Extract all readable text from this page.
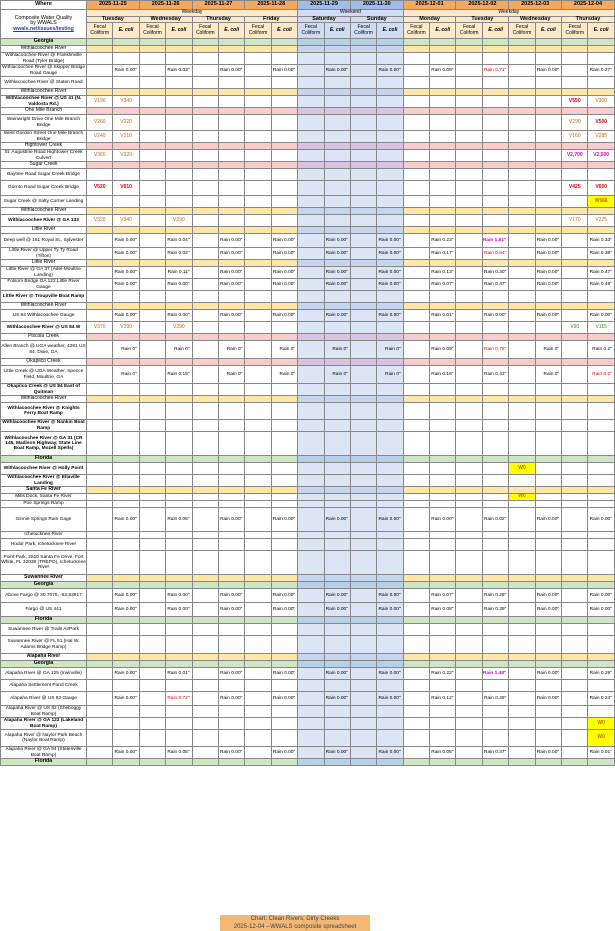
Where	2025-11-25		2025-11-26		2025-11-27		2025-11-28		2025-11-29		2025-11-30		2025-12-01		2025-12-02		2025-12-03		2025-12-04	

Composite Water Quality
by WWALS
wwals.net/issues/testing	Weekday								Weekend				Weekday							
	Tuesday		Wednesday		Thursday		Friday		Saturday		Sunday		Monday		Tuesday		Wednesday		Thursday	
	Fecal Coliform	E. coli	Fecal Coliform	E. coli	Fecal Coliform	E. coli	Fecal Coliform	E. coli	Fecal Coliform	E. coli	Fecal Coliform	E. coli	Fecal Coliform	E. coli	Fecal Coliform	E. coli	Fecal Coliform	E. coli	Fecal Coliform	E. coli
Georgia																				
Withlacoochee River																				
Withlacoochee River @ Franklinville Road (Tyler Bridge)																				
Withlacoochee River @ Skipper Bridge Road Gauge		Rain 0.00"		Rain 0.03"		Rain 0.00"		Rain 0.00"		Rain 0.00"		Rain 0.00"		Rain 0.09"		Rain 0.71"		Rain 0.00"		Rain 0.27"
Withlacoochee River @ Staten Road																				
Withlacoochee River																				
Withlacoochee River @ US 41 (N. Valdosta Rd.)	V190	V340																	V550	V300
One Mile Branch																				
Wainwright Drive One Mile Branch Bridge	V260	V220																	V290	V500
West Gordon Street One Mile Branch Bridge	V240	V210																	V160	V285
Hightower Creek																				
St. Augustine Road Hightower Creek Culvert	V360	V320																	V2,700	V2,500
Sugar Creek																				
Baytree Road Sugar Creek Bridge																				
Gornto Road Sugar Creek Bridge	V520	V610																	V425	V600
Sugar Creek @ Salty Corner Landing																				W566
Withlacoochee River																				
Withlacoochee River @ GA 133	V320	V340		V290															V170	V225
Little River																				
Deep well @ 161 Royal St., Sylvester		Rain 0.00"		Rain 0.04"		Rain 0.00"		Rain 0.00"		Rain 0.00"		Rain 0.00"		Rain 0.23"		Rain 1.51"		Rain 0.00"		Rain 0.33"
Little River @ Upper Ty Ty Road (Tifton)		Rain 0.00"		Rain 0.02"		Rain 0.00"		Rain 0.00"		Rain 0.00"		Rain 0.00"		Rain 0.17"		Rain 0.84"		Rain 0.00"		Rain 0.38"
Little River																				
Little River @ GA 37 (Adel-Moultrie Landing)		Rain 0.00"		Rain 0.11"		Rain 0.00"		Rain 0.00"		Rain 0.00"		Rain 0.00"		Rain 0.13"		Rain 0.30"		Rain 0.00"		Rain 0.47"
Folsom Bridge GA 122 Little River Gauge		Rain 0.00"		Rain 0.00"		Rain 0.00"		Rain 0.00"		Rain 0.00"		Rain 0.00"		Rain 0.07"		Rain 0.47"		Rain 0.00"		Rain 0.49"
Little River @ Troupville Boat Ramp																				
Withlacoochee River																				
US 84 Withlacoochee Gauge		Rain 0.00"		Rain 0.00"		Rain 0.00"		Rain 0.00"		Rain 0.00"		Rain 0.00"		Rain 0.01"		Rain 0.00"		Rain 0.00"		Rain 0.00"
Withlacoochee River @ US 84 W	V370	V290		V290															V90	V115
Piscola Creek																				
Allen Branch @ UGA weather, 4281 US 84, Dixie, GA		Rain 0"		Rain 0"		Rain 0"		Rain 0"		Rain 0"		Rain 0"		Rain 0.09"		Rain 0.78"		Rain 0"		Rain 0.2"
Okapilco Creek																				
Little Creek @ UGA Weather, Spence Field, Moultrie, GA		Rain 0"		Rain 0.19"		Rain 0"		Rain 0"		Rain 0"		Rain 0"		Rain 0.16"		Rain 0.43"		Rain 0"		Rain 0.5"
Okapilco Creek @ US 84 East of Quitman																				
Withlacoochee River																				
Withlacoochee River @ Knights Ferry Boat Ramp																				
Withlacoochee River @ Nankin Boat Ramp																				
Withlacoochee River @ GA 31 (CR 145, Madison Highway, State Line Boat Ramp, Mozell Spells)																				
Florida																				
Withlacoochee River @ Holly Point																	W0			
Withlacoochee River @ Ellaville Landing																				
Santa Fe River																				
Mills Dock, Santa Fe River																	W0			
Poe Springs Ramp																				
Ginnie Springs Rain Gage		Rain 0.00"		Rain 0.06"		Rain 0.00"		Rain 0.00"		Rain 0.00"		Rain 0.00"		Rain 0.00"		Rain 0.02"		Rain 0.00"		Rain 0.00"
Ichetucknee River																				
Hodor Park, Ichetucknee River																				
Point Park, 2810 Santa Fe Drive, Fort White, FL 32038 (TREPO), Ichetucknee River																				
Suwannee River																				
Georgia																				
Above Fargo @ 30.7075, -82.53917		Rain 0.00"		Rain 0.00"		Rain 0.00"		Rain 0.00"		Rain 0.00"		Rain 0.00"		Rain 0.07"		Rain 0.28"		Rain 0.00"		Rain 0.00"
Fargo @ US 441		Rain 0.00"		Rain 0.00"		Rain 0.00"		Rain 0.00"		Rain 0.00"		Rain 0.00"		Rain 0.08"		Rain 0.39"		Rain 0.00"		Rain 0.00"
Florida																				
Suwannee River @ Trails AirPark																				
Suwannee River @ FL 51 (Hal W. Adams Bridge Ramp)																				
Alapaha River																				
Georgia																				
Alapaha River @ GA 125 (Irwinville)		Rain 0.00"		Rain 0.01"		Rain 0.00"		Rain 0.00"		Rain 0.00"		Rain 0.00"		Rain 0.22"		Rain 1.48"		Rain 0.00"		Rain 0.29"
Alapaha Settlement Pond Creek																				
Alapaha River @ US 82 Gauge		Rain 0.00"		Rain 0.72"		Rain 0.00"		Rain 0.00"		Rain 0.00"		Rain 0.00"		Rain 0.12"		Rain 0.49"		Rain 0.00"		Rain 0.24"
Alapaha River @ US 82 (Sheboggy Boat Ramp)																				
Alapaha River @ GA 122 (Lakeland Boat Ramp)																				W0
Alapaha River @ Naylor Park Beach (Naylor Boat Ramp)																				W0
Alapaha River @ GA 94 (Statenville Boat Ramp)		Rain 0.00"		Rain 0.05"		Rain 0.00"		Rain 0.00"		Rain 0.00"		Rain 0.00"		Rain 0.05"		Rain 0.37"		Rain 0.00"		Rain 0.01"
Florida																				
Chart: Clean Rivers; Dirty Creeks
2025-12-04 --WWALS composite spreadsheet
